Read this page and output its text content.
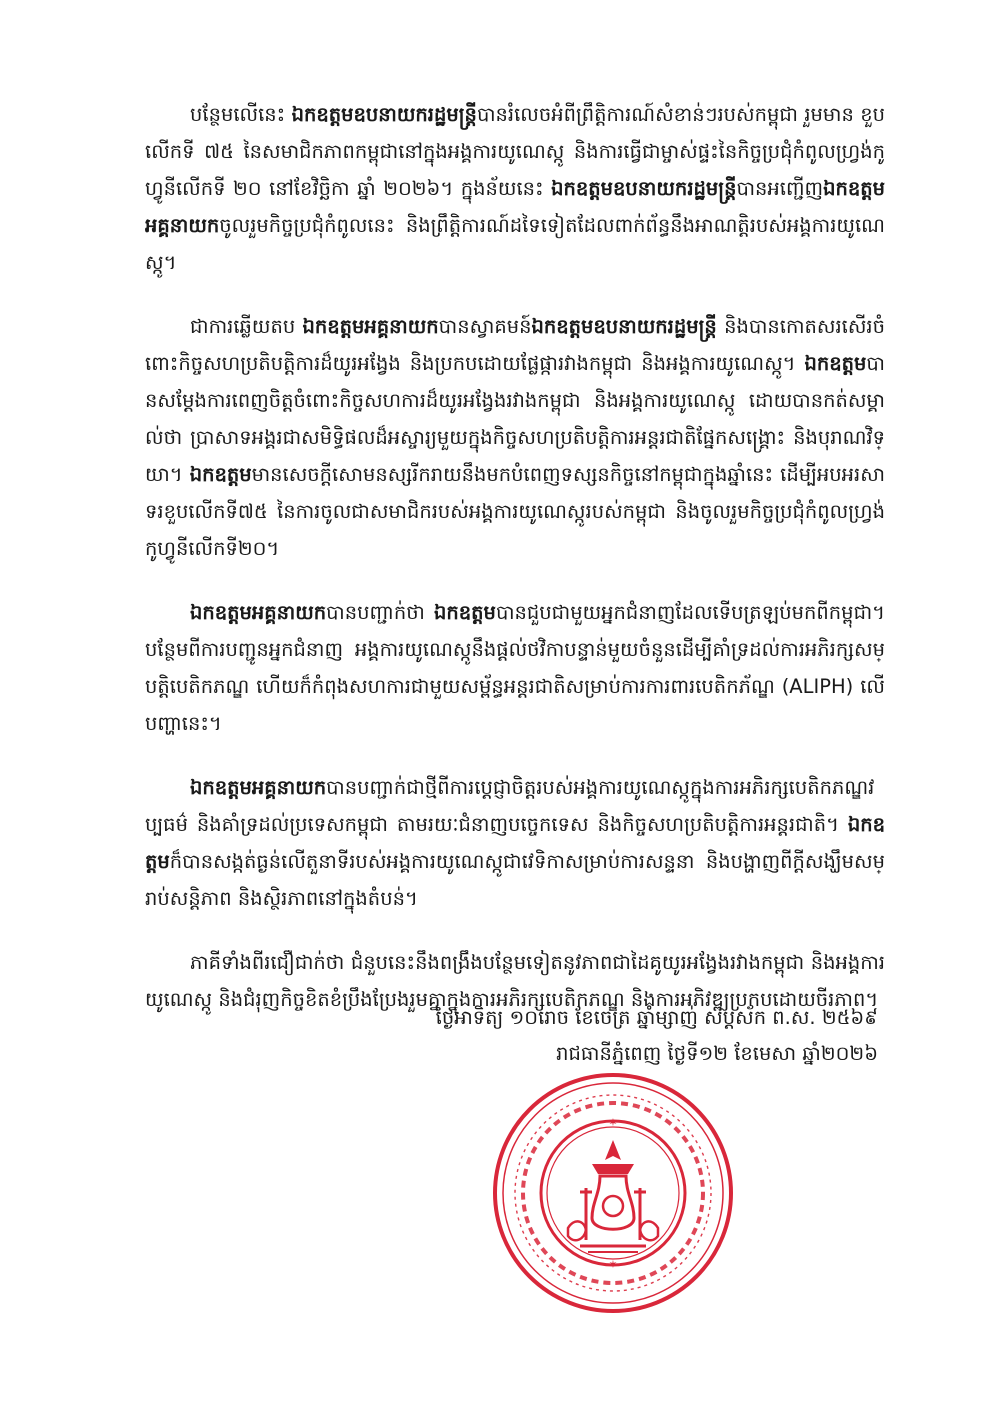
បន្ថែមលើនេះ ឯកឧត្តមឧបនាយករដ្ឋមន្ត្រីបានរំលេចអំពីព្រឹត្តិការណ៍សំខាន់ៗរបស់កម្ពុជា រួមមាន ខួបលើកទី ៧៥ នៃសមាជិកភាពកម្ពុជានៅក្នុងអង្គការយូណេស្កូ និងការធ្វើជាម្ចាស់ផ្ទះនៃកិច្ចប្រជុំកំពូលហ្វ្រង់កូហ្វូនីលើកទី ២០ នៅខែវិច្ឆិកា ឆ្នាំ ២០២៦។ ក្នុងន័យនេះ ឯកឧត្តមឧបនាយករដ្ឋមន្ត្រីបានអញ្ជើញឯកឧត្តមអគ្គនាយកចូលរួមកិច្ចប្រជុំកំពូលនេះ និងព្រឹត្តិការណ៍ដទៃទៀតដែលពាក់ព័ន្ធនឹងអាណត្តិរបស់អង្គការយូណេស្កូ។

ជាការឆ្លើយតប ឯកឧត្តមអគ្គនាយកបានស្វាគមន៍ឯកឧត្តមឧបនាយករដ្ឋមន្ត្រី និងបានកោតសរសើរចំពោះកិច្ចសហប្រតិបត្តិការដ៏យូរអង្វែង និងប្រកបដោយផ្លែផ្ការវាងកម្ពុជា និងអង្គការយូណេស្កូ។ ឯកឧត្តមបានសម្តែងការពេញចិត្តចំពោះកិច្ចសហការដ៏យូរអង្វែងរវាងកម្ពុជា និងអង្គការយូណេស្កូ ដោយបានកត់សម្គាល់ថា ប្រាសាទអង្គរជាសមិទ្ធិផលដ៏អស្ចារ្យមួយក្នុងកិច្ចសហប្រតិបត្តិការអន្តរជាតិផ្នែកសង្គ្រោះ និងបុរាណវិទ្យា។ ឯកឧត្តមមានសេចក្តីសោមនស្សរីករាយនឹងមកបំពេញទស្សនកិច្ចនៅកម្ពុជាក្នុងឆ្នាំនេះ ដើម្បីអបអរសាទរខួបលើកទី៧៥ នៃការចូលជាសមាជិករបស់អង្គការយូណេស្កូរបស់កម្ពុជា និងចូលរួមកិច្ចប្រជុំកំពូលហ្វ្រង់កូហ្វូនីលើកទី២០។

ឯកឧត្តមអគ្គនាយកបានបញ្ជាក់ថា ឯកឧត្តមបានជួបជាមួយអ្នកជំនាញដែលទើបត្រឡប់មកពីកម្ពុជា។ បន្ថែមពីការបញ្ជូនអ្នកជំនាញ អង្គការយូណេស្កូនឹងផ្តល់ថវិកាបន្ទាន់មួយចំនួនដើម្បីគាំទ្រដល់ការអភិរក្សសម្បត្តិបេតិកភណ្ឌ ហើយក៏កំពុងសហការជាមួយសម្ព័ន្ធអន្តរជាតិសម្រាប់ការការពារបេតិកភ័ណ្ឌ (ALIPH) លើបញ្ហានេះ។

ឯកឧត្តមអគ្គនាយកបានបញ្ជាក់ជាថ្មីពីការប្តេជ្ញាចិត្តរបស់អង្គការយូណេស្កូក្នុងការអភិរក្សបេតិកភណ្ឌវប្បធម៌ និងគាំទ្រដល់ប្រទេសកម្ពុជា តាមរយៈជំនាញបច្ចេកទេស និងកិច្ចសហប្រតិបត្តិការអន្តរជាតិ។ ឯកឧត្តមក៏បានសង្កត់ធ្ងន់លើតួនាទីរបស់អង្គការយូណេស្កូជាវេទិកាសម្រាប់ការសន្ទនា និងបង្ហាញពីក្តីសង្ឃឹមសម្រាប់សន្តិភាព និងស្ថិរភាពនៅក្នុងតំបន់។

ភាគីទាំងពីរជឿជាក់ថា ជំនួបនេះនឹងពង្រឹងបន្ថែមទៀតនូវភាពជាដៃគូយូរអង្វែងរវាងកម្ពុជា និងអង្គការយូណេស្កូ និងជំរុញកិច្ចខិតខំប្រឹងប្រែងរួមគ្នាក្នុងការអភិរក្សបេតិកភណ្ឌ និងការអភិវឌ្ឍប្រកបដោយចីរភាព។

ថ្ងៃអាទិត្យ ១០រោច ខែចេត្រ ឆ្នាំម្សាញ់ សប្តស័ក ព.ស. ២៥៦៩
រាជធានីភ្នំពេញ ថ្ងៃទី១២ ខែមេសា ឆ្នាំ២០២៦
✶
✶
